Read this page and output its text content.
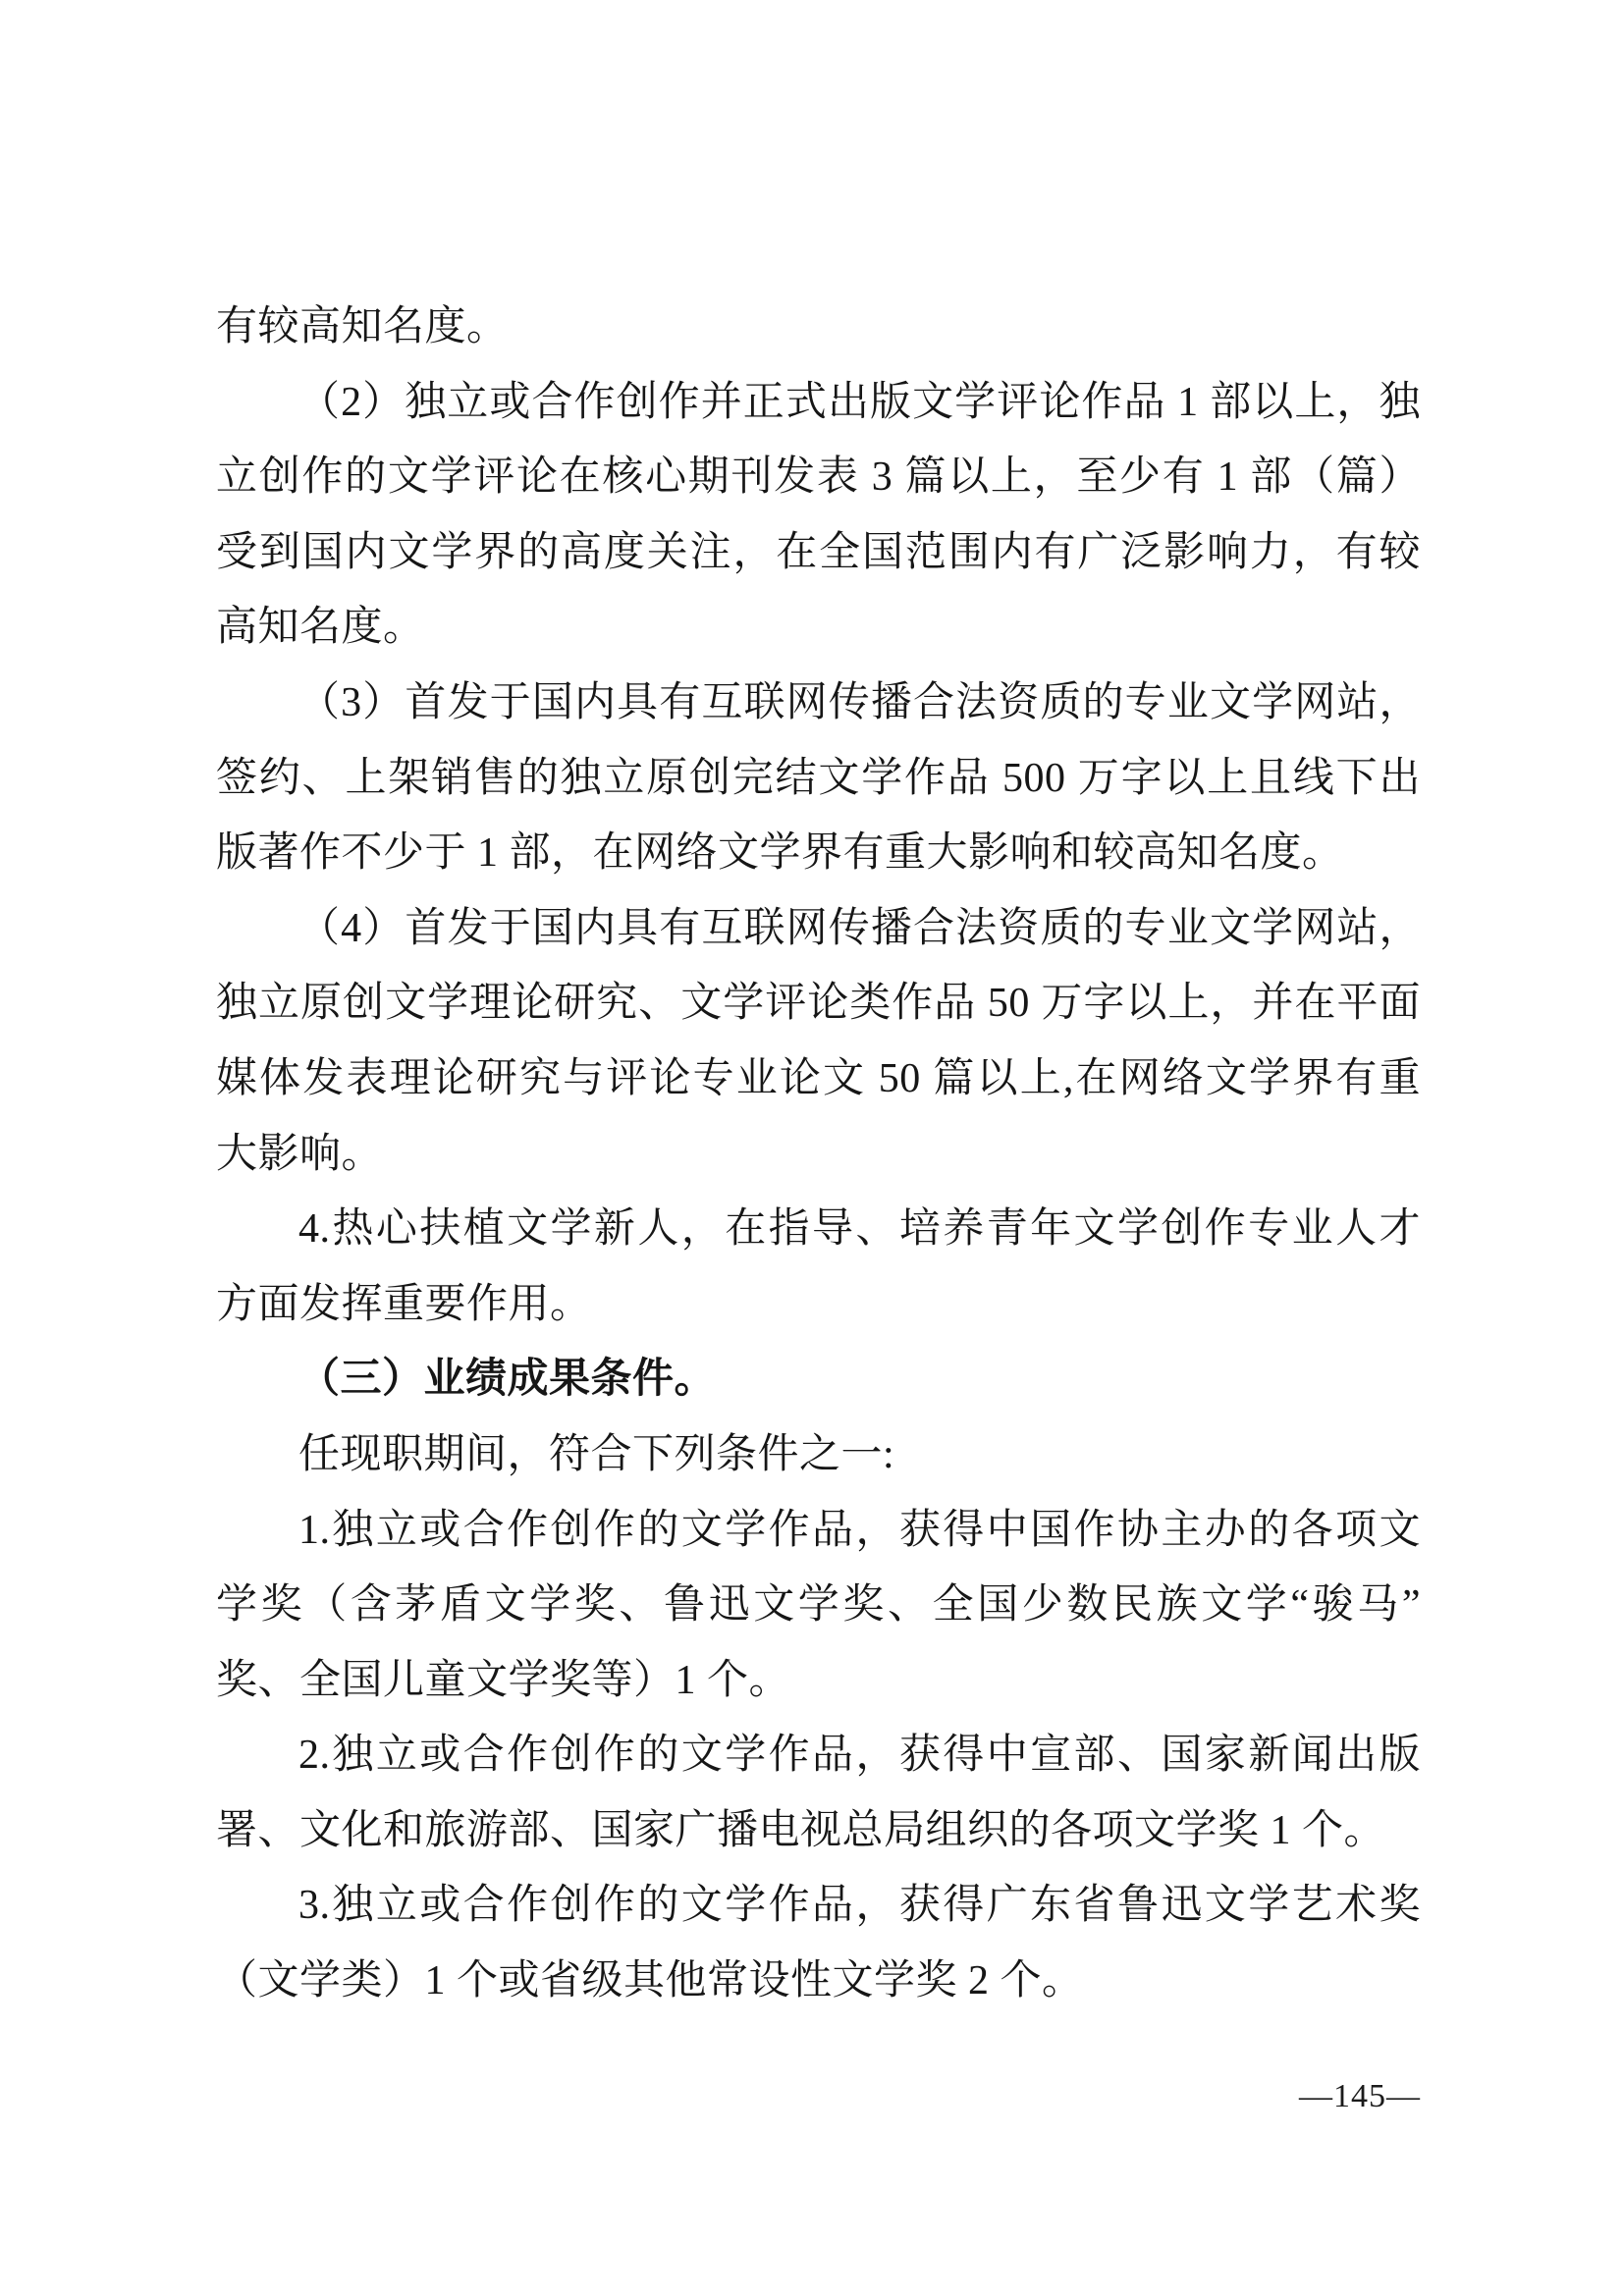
有较高知名度。
（2）独立或合作创作并正式出版文学评论作品 1 部以上，独
立创作的文学评论在核心期刊发表 3 篇以上，至少有 1 部（篇）
受到国内文学界的高度关注，在全国范围内有广泛影响力，有较
高知名度。
（3）首发于国内具有互联网传播合法资质的专业文学网站，
签约、上架销售的独立原创完结文学作品 500 万字以上且线下出
版著作不少于 1 部，在网络文学界有重大影响和较高知名度。
（4）首发于国内具有互联网传播合法资质的专业文学网站，
独立原创文学理论研究、文学评论类作品 50 万字以上，并在平面
媒体发表理论研究与评论专业论文 50 篇以上,在网络文学界有重
大影响。
4.热心扶植文学新人，在指导、培养青年文学创作专业人才
方面发挥重要作用。
（三）业绩成果条件。
任现职期间，符合下列条件之一:
1.独立或合作创作的文学作品，获得中国作协主办的各项文
学奖（含茅盾文学奖、鲁迅文学奖、全国少数民族文学“骏马”
奖、全国儿童文学奖等）1 个。
2.独立或合作创作的文学作品，获得中宣部、国家新闻出版
署、文化和旅游部、国家广播电视总局组织的各项文学奖 1 个。
3.独立或合作创作的文学作品，获得广东省鲁迅文学艺术奖
（文学类）1 个或省级其他常设性文学奖 2 个。
—145—
